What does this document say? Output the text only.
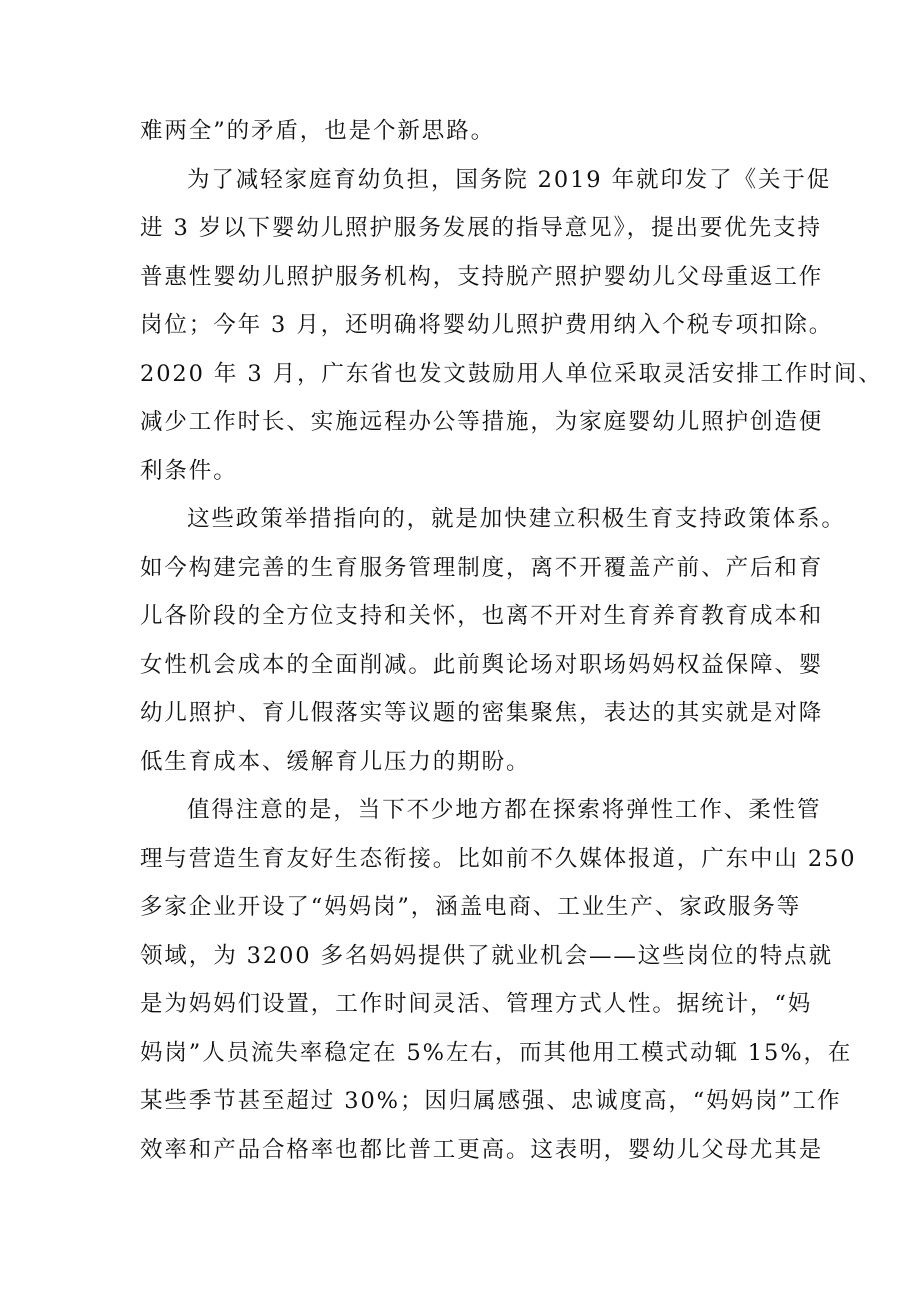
难两全”的矛盾，也是个新思路。
为了减轻家庭育幼负担，国务院 2019 年就印发了《关于促
进 3 岁以下婴幼儿照护服务发展的指导意见》，提出要优先支持
普惠性婴幼儿照护服务机构，支持脱产照护婴幼儿父母重返工作
岗位；今年 3 月，还明确将婴幼儿照护费用纳入个税专项扣除。
2020 年 3 月，广东省也发文鼓励用人单位采取灵活安排工作时间、
减少工作时长、实施远程办公等措施，为家庭婴幼儿照护创造便
利条件。
这些政策举措指向的，就是加快建立积极生育支持政策体系。
如今构建完善的生育服务管理制度，离不开覆盖产前、产后和育
儿各阶段的全方位支持和关怀，也离不开对生育养育教育成本和
女性机会成本的全面削减。此前舆论场对职场妈妈权益保障、婴
幼儿照护、育儿假落实等议题的密集聚焦，表达的其实就是对降
低生育成本、缓解育儿压力的期盼。
值得注意的是，当下不少地方都在探索将弹性工作、柔性管
理与营造生育友好生态衔接。比如前不久媒体报道，广东中山 250
多家企业开设了“妈妈岗”，涵盖电商、工业生产、家政服务等
领域，为 3200 多名妈妈提供了就业机会——这些岗位的特点就
是为妈妈们设置，工作时间灵活、管理方式人性。据统计，“妈
妈岗”人员流失率稳定在 5%左右，而其他用工模式动辄 15%，在
某些季节甚至超过 30%；因归属感强、忠诚度高，“妈妈岗”工作
效率和产品合格率也都比普工更高。这表明，婴幼儿父母尤其是
